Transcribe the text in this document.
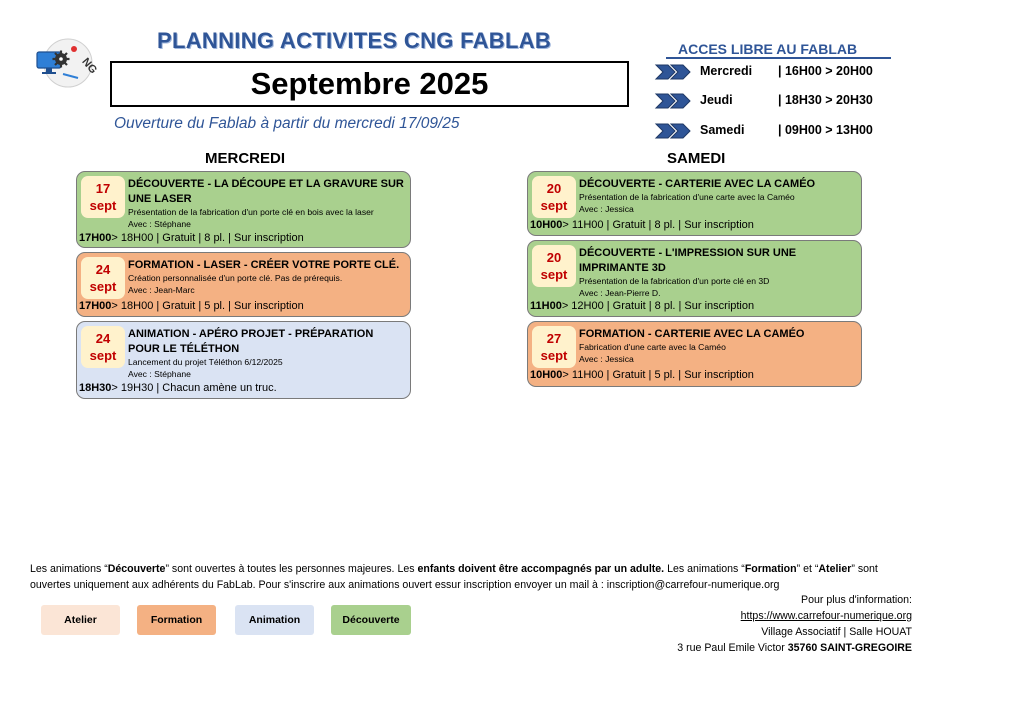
NG
PLANNING ACTIVITES CNG FABLAB
Septembre 2025
Ouverture du Fablab à partir du mercredi 17/09/25
ACCES LIBRE AU FABLAB
Mercredi | 16H00 > 20H00
Jeudi	| 18H30 > 20H30
Samedi	| 09H00 > 13H00
MERCREDI	SAMEDI
17
sept
DÉCOUVERTE - LA DÉCOUPE ET LA GRAVURE SUR UNE LASER
Présentation de la fabrication d'un porte clé en bois avec la laser
Avec : Stéphane
17H00> 18H00 | Gratuit | 8 pl. | Sur inscription
24
sept
FORMATION - LASER - CRÉER VOTRE PORTE CLÉ.
Création personnalisée d'un porte clé. Pas de prérequis.
Avec : Jean-Marc
17H00> 18H00 | Gratuit | 5 pl. | Sur inscription
24
sept
ANIMATION - APÉRO PROJET - PRÉPARATION POUR LE TÉLÉTHON
Lancement du projet Téléthon 6/12/2025
Avec : Stéphane
18H30> 19H30 | Chacun amène un truc.
20
sept
DÉCOUVERTE - CARTERIE AVEC LA CAMÉO
Présentation de la fabrication d'une carte avec la Caméo
Avec : Jessica
10H00> 11H00 | Gratuit | 8 pl. | Sur inscription
20
sept
DÉCOUVERTE - L'IMPRESSION SUR UNE IMPRIMANTE 3D
Présentation de la fabrication d'un porte clé en 3D
Avec : Jean-Pierre D.
11H00> 12H00 | Gratuit | 8 pl. | Sur inscription
27
sept
FORMATION - CARTERIE AVEC LA CAMÉO
Fabrication d'une carte avec la Caméo
Avec : Jessica
10H00> 11H00 | Gratuit | 5 pl. | Sur inscription
Les animations “Découverte” sont ouvertes à toutes les personnes majeures. Les enfants doivent être accompagnés par un adulte. Les animations “Formation” et “Atelier” sont ouvertes uniquement aux adhérents du FabLab. Pour s'inscrire aux animations ouvert essur inscription envoyer un mail à : inscription@carrefour-numerique.org
Atelier	Formation	Animation	Découverte
Pour plus d'information:
https://www.carrefour-numerique.org
Village Associatif | Salle HOUAT
3 rue Paul Emile Victor 35760 SAINT-GREGOIRE
